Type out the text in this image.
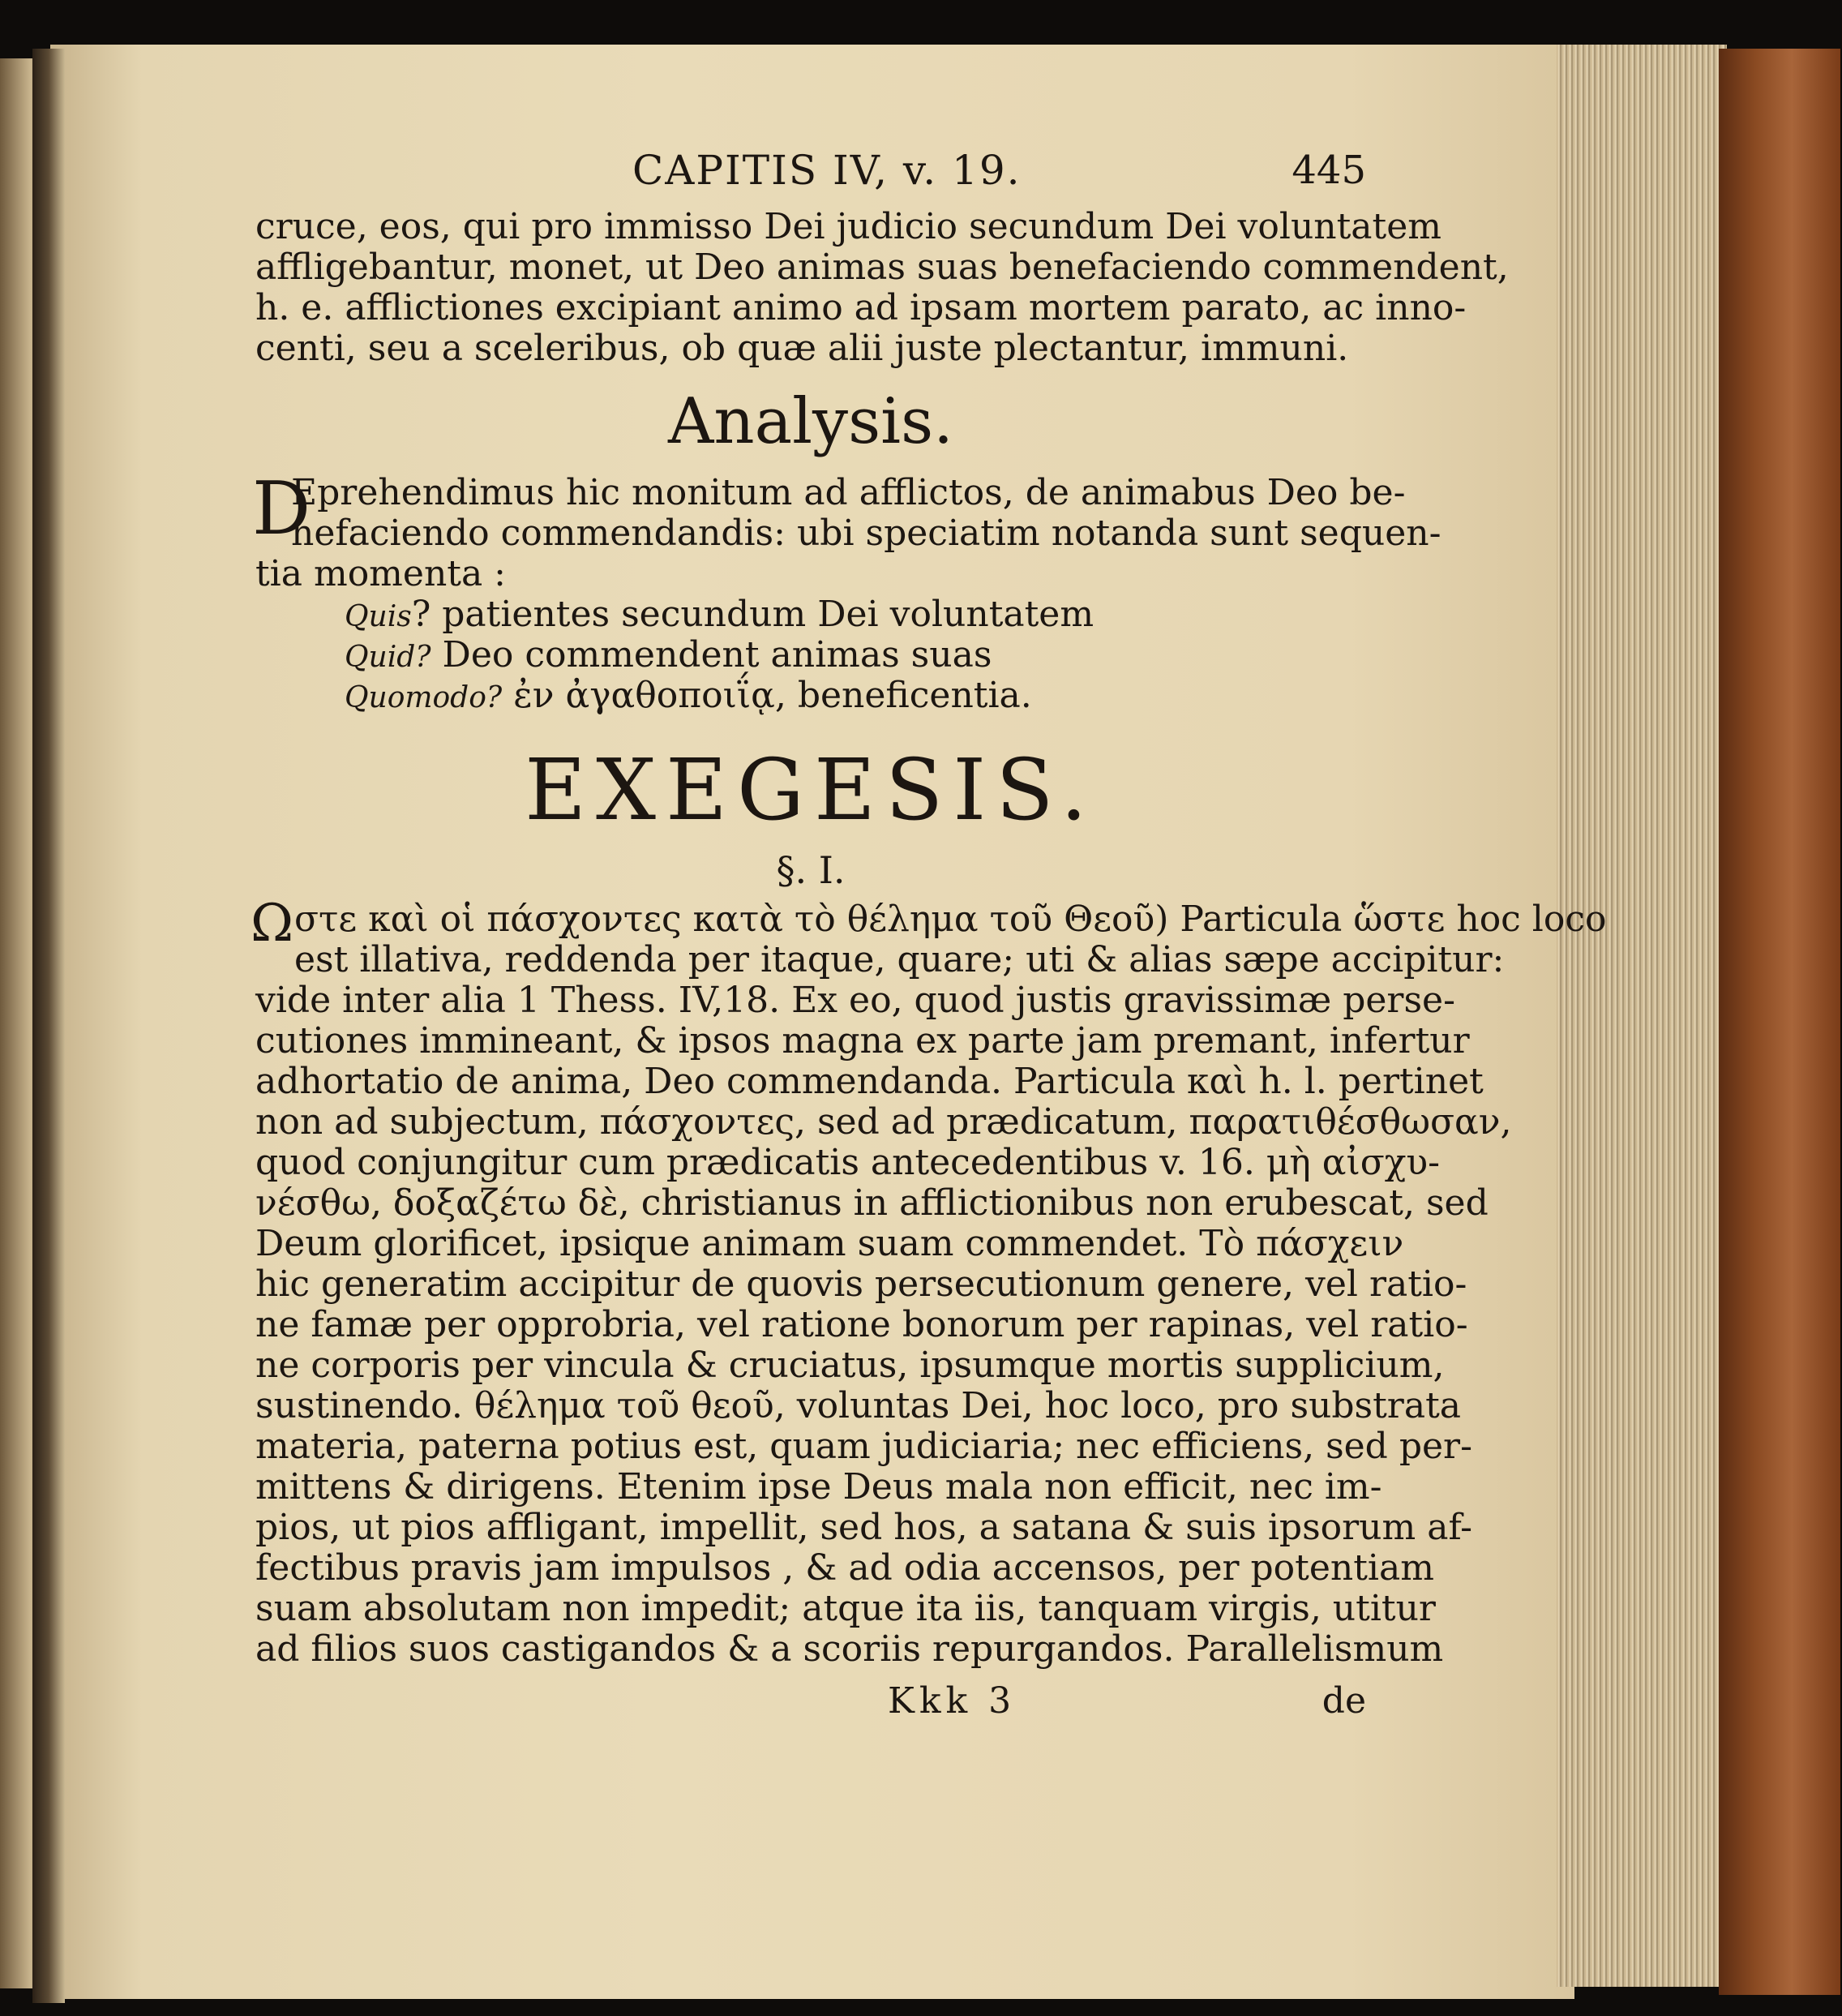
CAPITIS IV, v. 19.	445
cruce, eos, qui pro immisso Dei judicio secundum Dei voluntatem
affligebantur, monet, ut Deo animas suas benefaciendo commendent,
h. e. afflictiones excipiant animo ad ipsam mortem parato, ac inno-
centi, seu a sceleribus, ob quæ alii juste plectantur, immuni.
Analysis.
D
Eprehendimus hic monitum ad afflictos, de animabus Deo be-
nefaciendo commendandis: ubi speciatim notanda sunt sequen-
tia momenta :
Quis? patientes secundum Dei voluntatem
Quid? Deo commendent animas suas
Quomodo? ἐν ἀγαθοποιΐᾳ, beneficentia.
EXEGESIS.
§. I.
Ω στε καὶ οἱ πάσχοντες κατὰ τὸ θέλημα τοῦ Θεοῦ) Particula ὥστε hoc loco
est illativa, reddenda per itaque, quare; uti & alias sæpe accipitur:
vide inter alia 1 Thess. IV,18. Ex eo, quod justis gravissimæ perse-
cutiones immineant, & ipsos magna ex parte jam premant, infertur
adhortatio de anima, Deo commendanda. Particula καὶ h. l. pertinet
non ad subjectum, πάσχοντες, sed ad prædicatum, παρατιθέσθωσαν,
quod conjungitur cum prædicatis antecedentibus v. 16. μὴ αἰσχυ-
νέσθω, δοξαζέτω δὲ, christianus in afflictionibus non erubescat, sed
Deum glorificet, ipsique animam suam commendet. Τὸ πάσχειν
hic generatim accipitur de quovis persecutionum genere, vel ratio-
ne famæ per opprobria, vel ratione bonorum per rapinas, vel ratio-
ne corporis per vincula & cruciatus, ipsumque mortis supplicium,
sustinendo. θέλημα τοῦ θεοῦ, voluntas Dei, hoc loco, pro substrata
materia, paterna potius est, quam judiciaria; nec efficiens, sed per-
mittens & dirigens. Etenim ipse Deus mala non efficit, nec im-
pios, ut pios affligant, impellit, sed hos, a satana & suis ipsorum af-
fectibus pravis jam impulsos , & ad odia accensos, per potentiam
suam absolutam non impedit; atque ita iis, tanquam virgis, utitur
ad filios suos castigandos & a scoriis repurgandos. Parallelismum
Kkk 3	de
